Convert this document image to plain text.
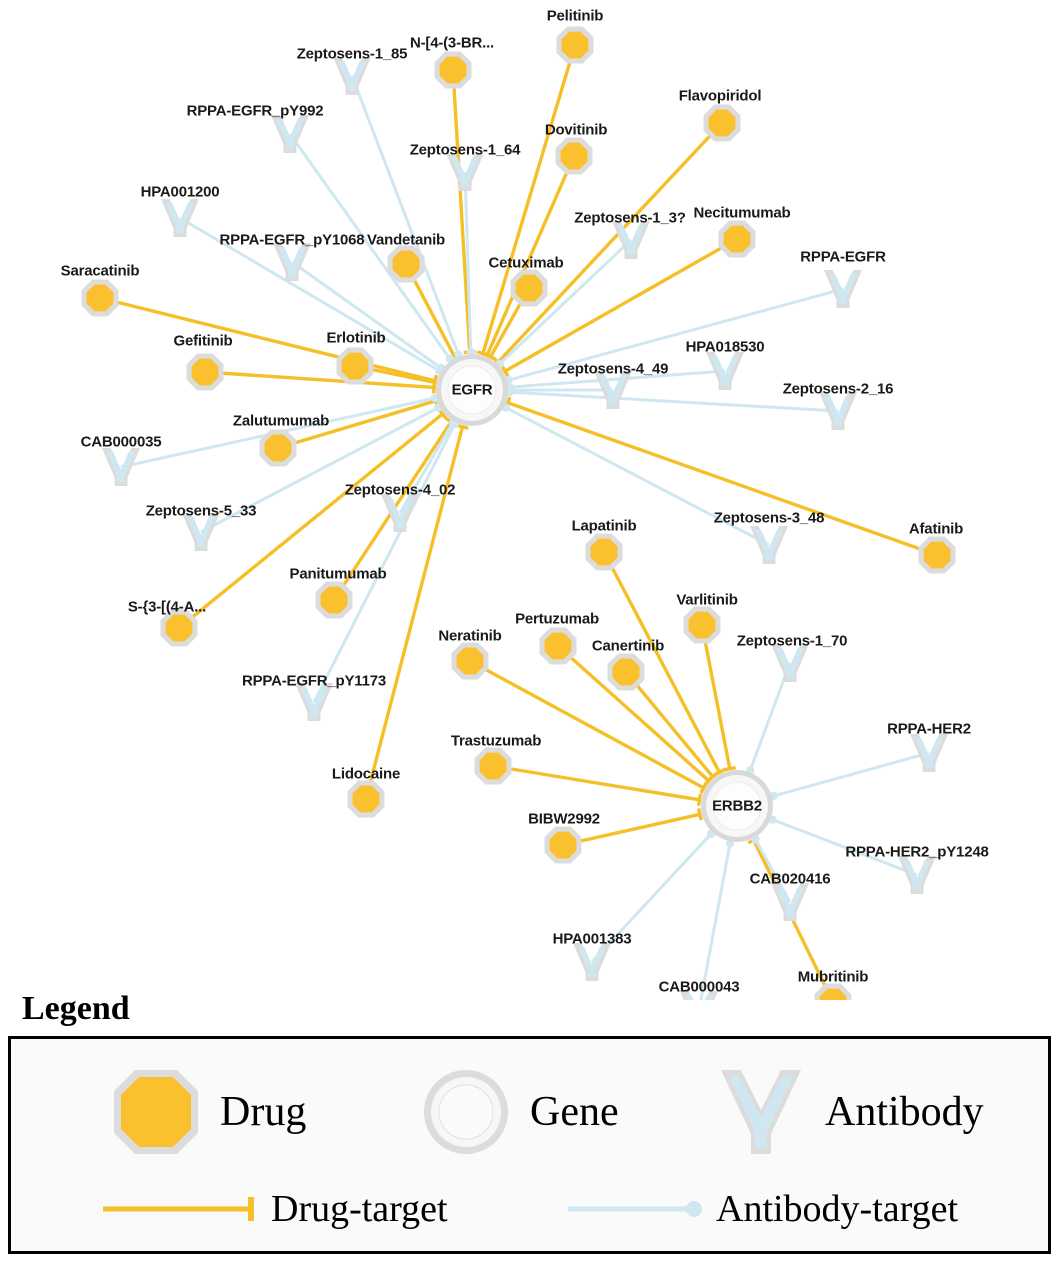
Pelitinib
N-[4-(3-BR...
Flavopiridol
Dovitinib
Necitumumab
Vandetanib
Cetuximab
Saracatinib
Erlotinib
Gefitinib
Zalutumumab
Afatinib
Lapatinib
Panitumumab
S-{3-[(4-A...	Varlitinib
Pertuzumab
Canertinib
Neratinib
Trastuzumab
Lidocaine
BIBW2992
Mubritinib
Zeptosens-1_85
RPPA-EGFR_pY992
Zeptosens-1_64
HPA001200
Zeptosens-1_3?
RPPA-EGFR_pY1068
RPPA-EGFR
HPA018530
Zeptosens-4_49
Zeptosens-2_16
CAB000035
Zeptosens-4_02
Zeptosens-5_33	Zeptosens-3_48
Zeptosens-1_70
RPPA-EGFR_pY1173
RPPA-HER2
RPPA-HER2_pY1248
CAB020416
HPA001383
CAB000043
EGFR
ERBB2
Legend
Drug	Gene	Antibody
Drug-target	Antibody-target
